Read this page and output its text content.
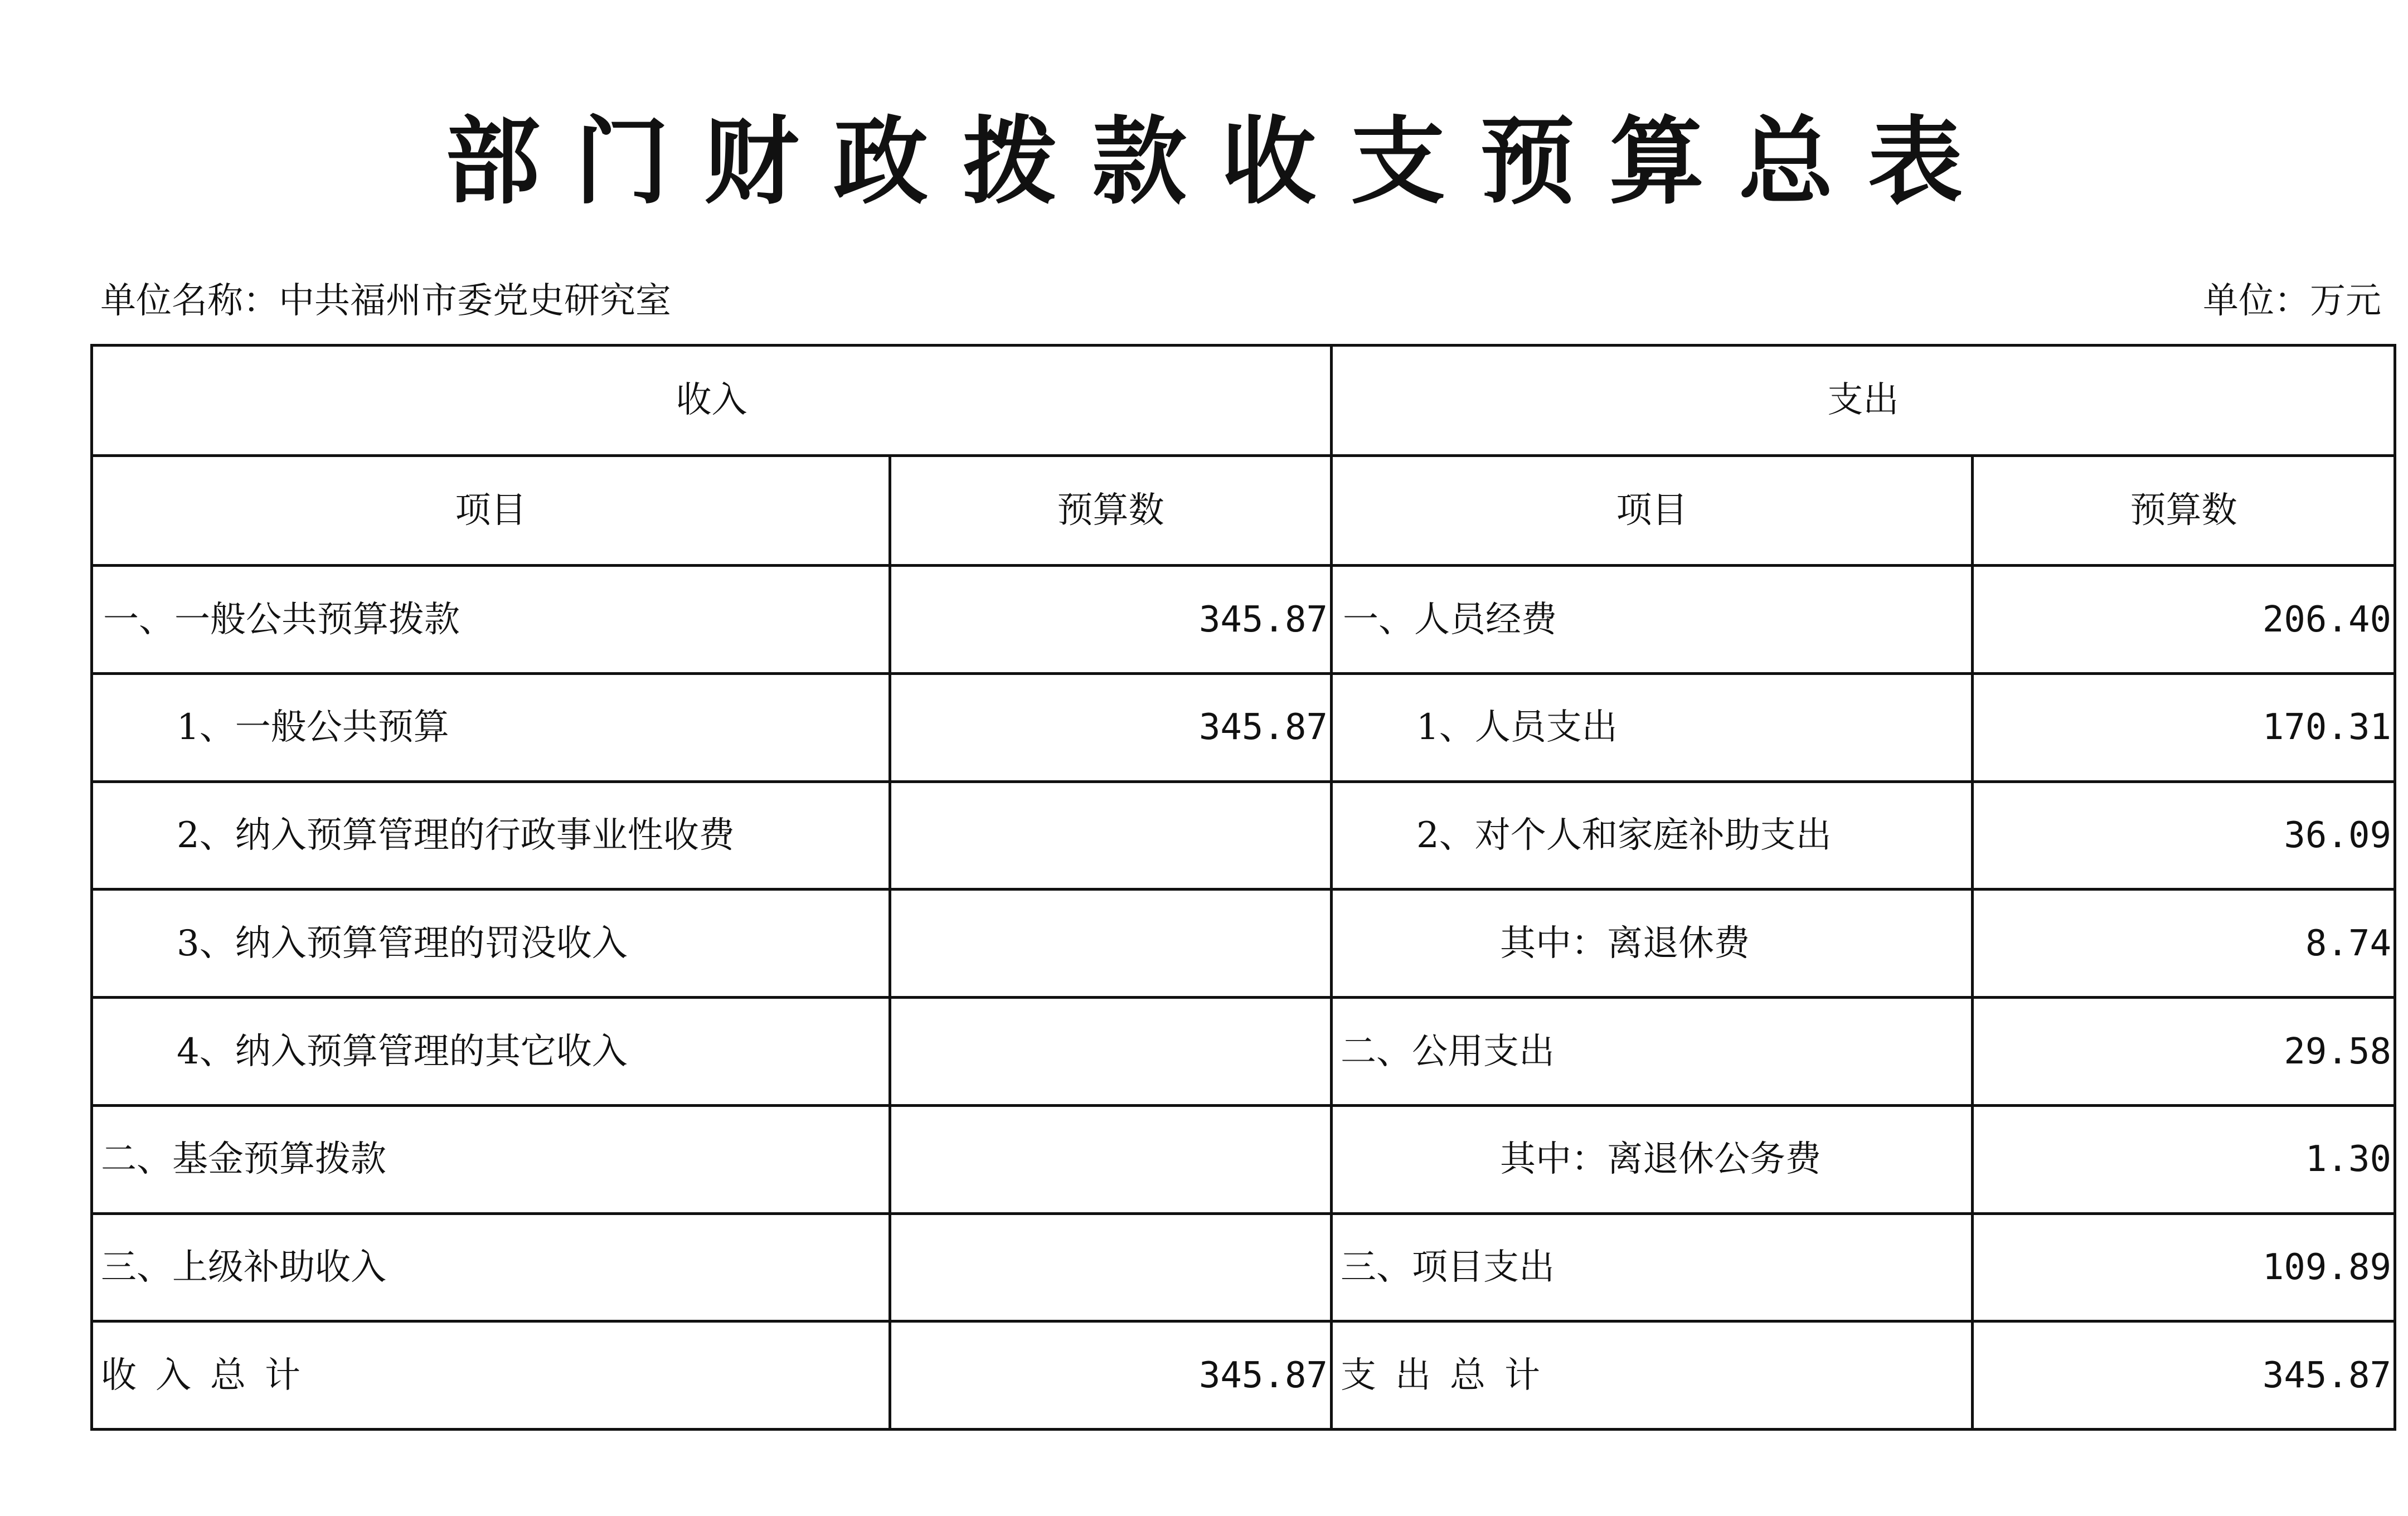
部门财政拨款收支预算总表
单位名称：中共福州市委党史研究室	单位：万元
收入		支出	
项目	预算数	项目	预算数
一、一般公共预算拨款	345.87	一、人员经费	206.40
1、一般公共预算	345.87	1、人员支出	170.31
2、纳入预算管理的行政事业性收费		2、对个人和家庭补助支出	36.09
3、纳入预算管理的罚没收入		其中：离退休费	8.74
4、纳入预算管理的其它收入		二、公用支出	29.58
二、基金预算拨款		其中：离退休公务费	1.30
三、上级补助收入		三、项目支出	109.89
收入总计	345.87	支出总计	345.87
